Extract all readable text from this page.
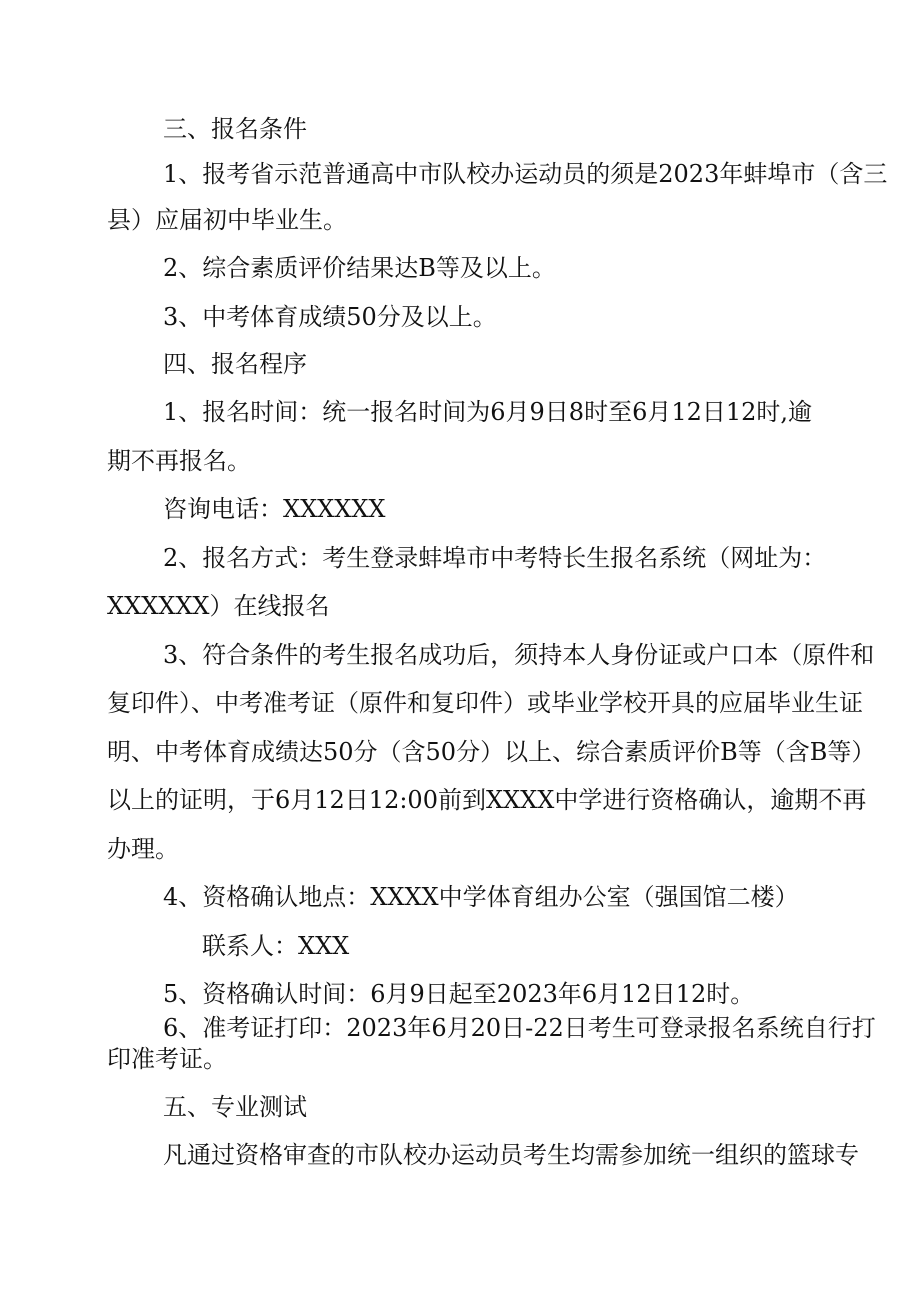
三、报名条件
1、报考省示范普通高中市队校办运动员的须是2023年蚌埠市（含三
县）应届初中毕业生。
2、综合素质评价结果达B等及以上。
3、中考体育成绩50分及以上。
四、报名程序
1、报名时间：统一报名时间为6月9日8时至6月12日12时,逾
期不再报名。
咨询电话：XXXXXX
2、报名方式：考生登录蚌埠市中考特长生报名系统（网址为：
XXXXXX）在线报名
3、符合条件的考生报名成功后，须持本人身份证或户口本（原件和
复印件）、中考准考证（原件和复印件）或毕业学校开具的应届毕业生证
明、中考体育成绩达50分（含50分）以上、综合素质评价B等（含B等）
以上的证明，于6月12日12:00前到XXXX中学进行资格确认，逾期不再
办理。
4、资格确认地点：XXXX中学体育组办公室（强国馆二楼）
联系人：XXX
5、资格确认时间：6月9日起至2023年6月12日12时。
6、准考证打印：2023年6月20日-22日考生可登录报名系统自行打
印准考证。
五、专业测试
凡通过资格审查的市队校办运动员考生均需参加统一组织的篮球专
